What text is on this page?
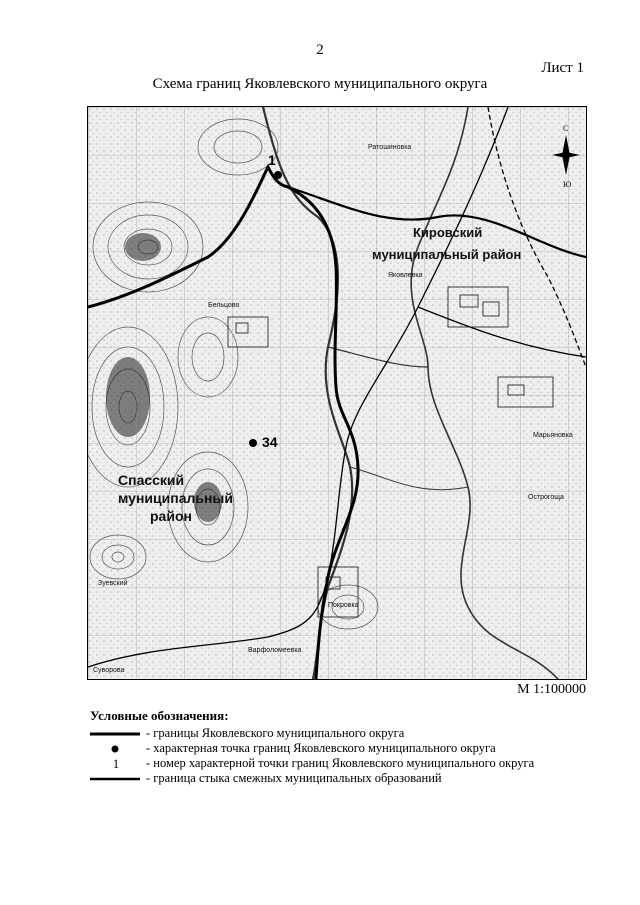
2
Лист 1
Схема границ Яковлевского муниципального округа
1
34
Кировский
муниципальный район
Спасский
муниципальный
район
Ратошиновка
Марьяновка
Острогоща
Бельцово
Зуевский
Яковлевка
Покровка
Варфоломеевка
Суворова
С
Ю
М 1:100000
Условные обозначения:
- границы Яковлевского муниципального округа
- характерная точка границ Яковлевского муниципального округа
1	- номер характерной точки границ Яковлевского муниципального округа
- граница стыка смежных муниципальных образований
